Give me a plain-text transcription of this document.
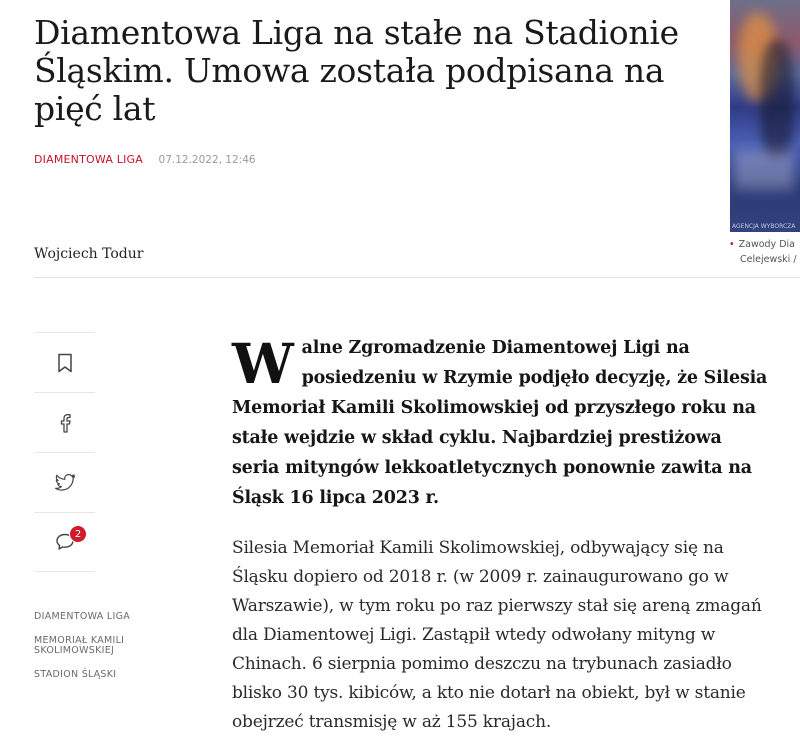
Diamentowa Liga na stałe na Stadionie Śląskim. Umowa została podpisana na pięć lat
DIAMENTOWA LIGA 07.12.2022, 12:46
AGENCJA WYBORCZA
• Zawody Dia
Celejewski /
Wojciech Todur
2
DIAMENTOWA LIGA
MEMORIAŁ KAMILI SKOLIMOWSKIEJ
STADION ŚLĄSKI

Walne Zgromadzenie Diamentowej Ligi na posiedzeniu w Rzymie podjęło decyzję, że Silesia Memoriał Kamili Skolimowskiej od przyszłego roku na stałe wejdzie w skład cyklu. Najbardziej prestiżowa seria mityngów lekkoatletycznych ponownie zawita na Śląsk 16 lipca 2023 r.

Silesia Memoriał Kamili Skolimowskiej, odbywający się na Śląsku dopiero od 2018 r. (w 2009 r. zainaugurowano go w Warszawie), w tym roku po raz pierwszy stał się areną zmagań dla Diamentowej Ligi. Zastąpił wtedy odwołany mityng w Chinach. 6 sierpnia pomimo deszczu na trybunach zasiadło blisko 30 tys. kibiców, a kto nie dotarł na obiekt, był w stanie obejrzeć transmisję w aż 155 krajach.
